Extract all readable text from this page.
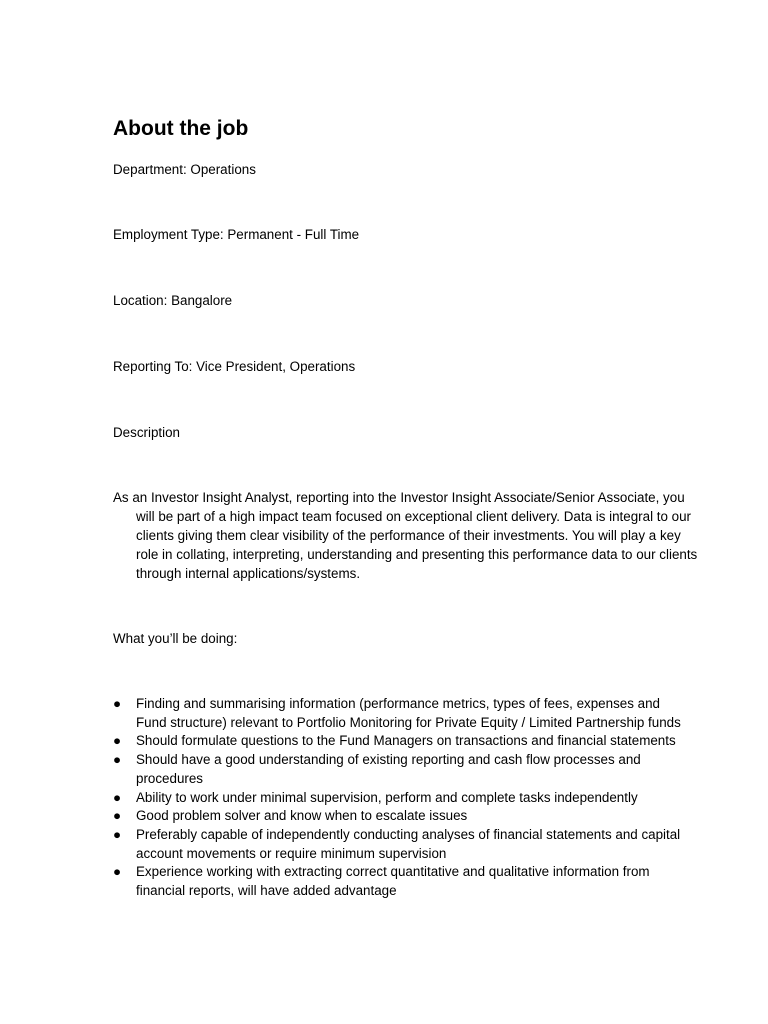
About the job

Department: Operations

Employment Type: Permanent - Full Time

Location: Bangalore

Reporting To: Vice President, Operations

Description

As an Investor Insight Analyst, reporting into the Investor Insight Associate/Senior Associate, you will be part of a high impact team focused on exceptional client delivery. Data is integral to our clients giving them clear visibility of the performance of their investments. You will play a key role in collating, interpreting, understanding and presenting this performance data to our clients through internal applications/systems.

What you’ll be doing:

● Finding and summarising information (performance metrics, types of fees, expenses and Fund structure) relevant to Portfolio Monitoring for Private Equity / Limited Partnership funds
● Should formulate questions to the Fund Managers on transactions and financial statements
● Should have a good understanding of existing reporting and cash flow processes and procedures
● Ability to work under minimal supervision, perform and complete tasks independently
● Good problem solver and know when to escalate issues
● Preferably capable of independently conducting analyses of financial statements and capital account movements or require minimum supervision
● Experience working with extracting correct quantitative and qualitative information from financial reports, will have added advantage
